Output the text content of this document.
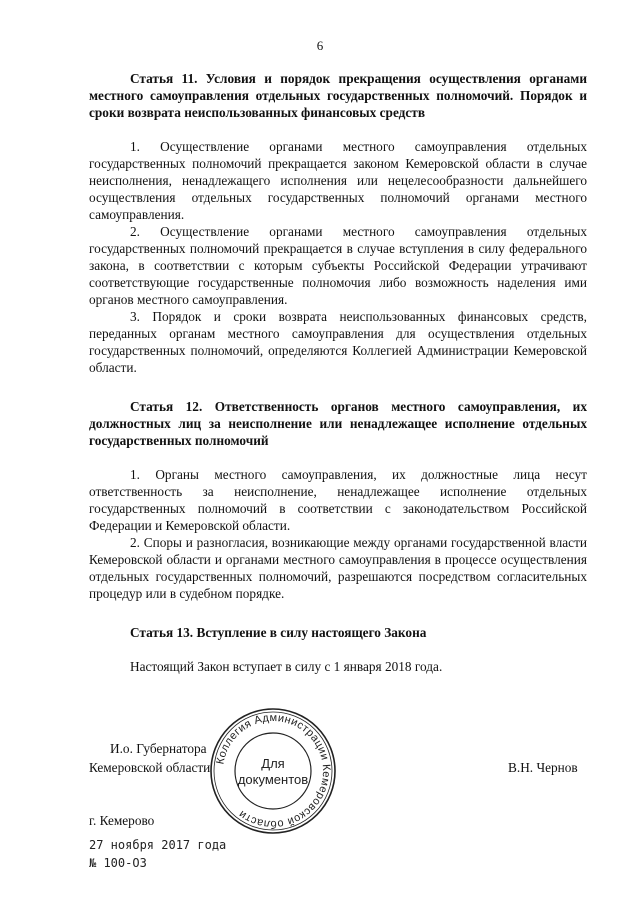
6

Статья 11. Условия и порядок прекращения осуществления органами местного самоуправления отдельных государственных полномочий. Порядок и сроки возврата неиспользованных финансовых средств

1. Осуществление органами местного самоуправления отдельных государственных полномочий прекращается законом Кемеровской области в случае неисполнения, ненадлежащего исполнения или нецелесообразности дальнейшего осуществления отдельных государственных полномочий органами местного самоуправления.

2. Осуществление органами местного самоуправления отдельных государственных полномочий прекращается в случае вступления в силу федерального закона, в соответствии с которым субъекты Российской Федерации утрачивают соответствующие государственные полномочия либо возможность наделения ими органов местного самоуправления.

3. Порядок и сроки возврата неиспользованных финансовых средств, переданных органам местного самоуправления для осуществления отдельных государственных полномочий, определяются Коллегией Администрации Кемеровской области.

Статья 12. Ответственность органов местного самоуправления, их должностных лиц за неисполнение или ненадлежащее исполнение отдельных государственных полномочий

1. Органы местного самоуправления, их должностные лица несут ответственность за неисполнение, ненадлежащее исполнение отдельных государственных полномочий в соответствии с законодательством Российской Федерации и Кемеровской области.

2. Споры и разногласия, возникающие между органами государственной власти Кемеровской области и органами местного самоуправления в процессе осуществления отдельных государственных полномочий, разрешаются посредством согласительных процедур или в судебном порядке.

Статья 13. Вступление в силу настоящего Закона

Настоящий Закон вступает в силу с 1 января 2018 года.

И.о. Губернатора
Кемеровской области	В.Н. Чернов
Коллегия Администрации Кемеровской области
Для
документов
г. Кемерово
27 ноября 2017 года
№ 100-ОЗ
